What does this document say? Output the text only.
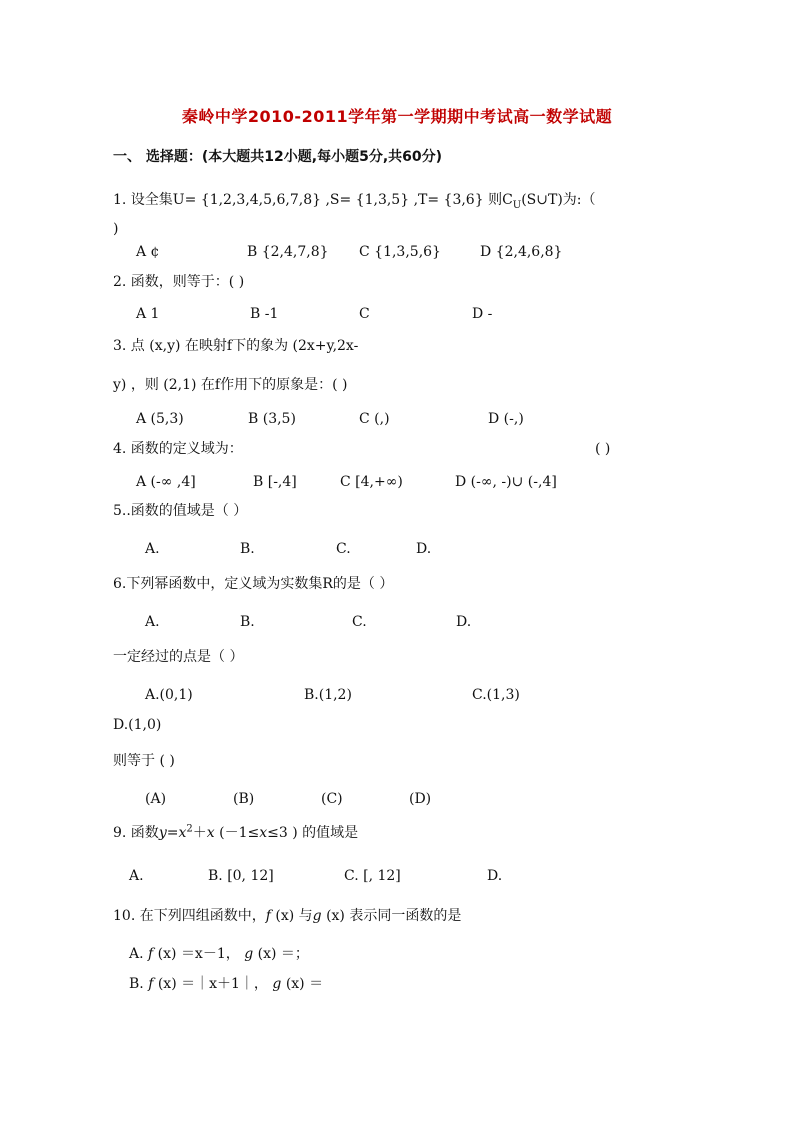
秦岭中学2010-2011学年第一学期期中考试高一数学试题
一、 选择题：(本大题共12小题,每小题5分,共60分)
1. 设全集U= {1,2,3,4,5,6,7,8} ,S= {1,3,5} ,T= {3,6} 则$C_U(S\cup T)$为:（
)
A ¢	B {2,4,7,8} C {1,3,5,6}	D {2,4,6,8}
2. 函数，则等于：( )
A 1	B -1	C	D -
3. 点 (x,y) 在映射f下的象为 (2x+y,2x-
y) ，则 (2,1) 在f作用下的原象是：( )
A (5,3)	B (3,5)	C (,)	D (-,)
4. 函数的定义域为：	( )
A (-∞ ,4]	B [-,4]	C [4,+∞)	D (-∞, -)∪ (-,4]
5..函数的值域是（ ）
A.	B.	C.	D.
6.下列幂函数中，定义域为实数集R的是（ ）
A.	B.	C.	D.
一定经过的点是（ ）
A.(0,1)	B.(1,2)	C.(1,3)
D.(1,0)
则等于 ( )
(A)	(B)	(C)	(D)
9. 函数$y=x^2+x$ (－1≤x≤3 ) 的值域是
A.	B. [0, 12]	C. [, 12]	D.
10. 在下列四组函数中，f (x) 与g (x) 表示同一函数的是
A. f (x) ＝x－1， g (x) ＝；
B. f (x) ＝｜x＋1｜， g (x) ＝
